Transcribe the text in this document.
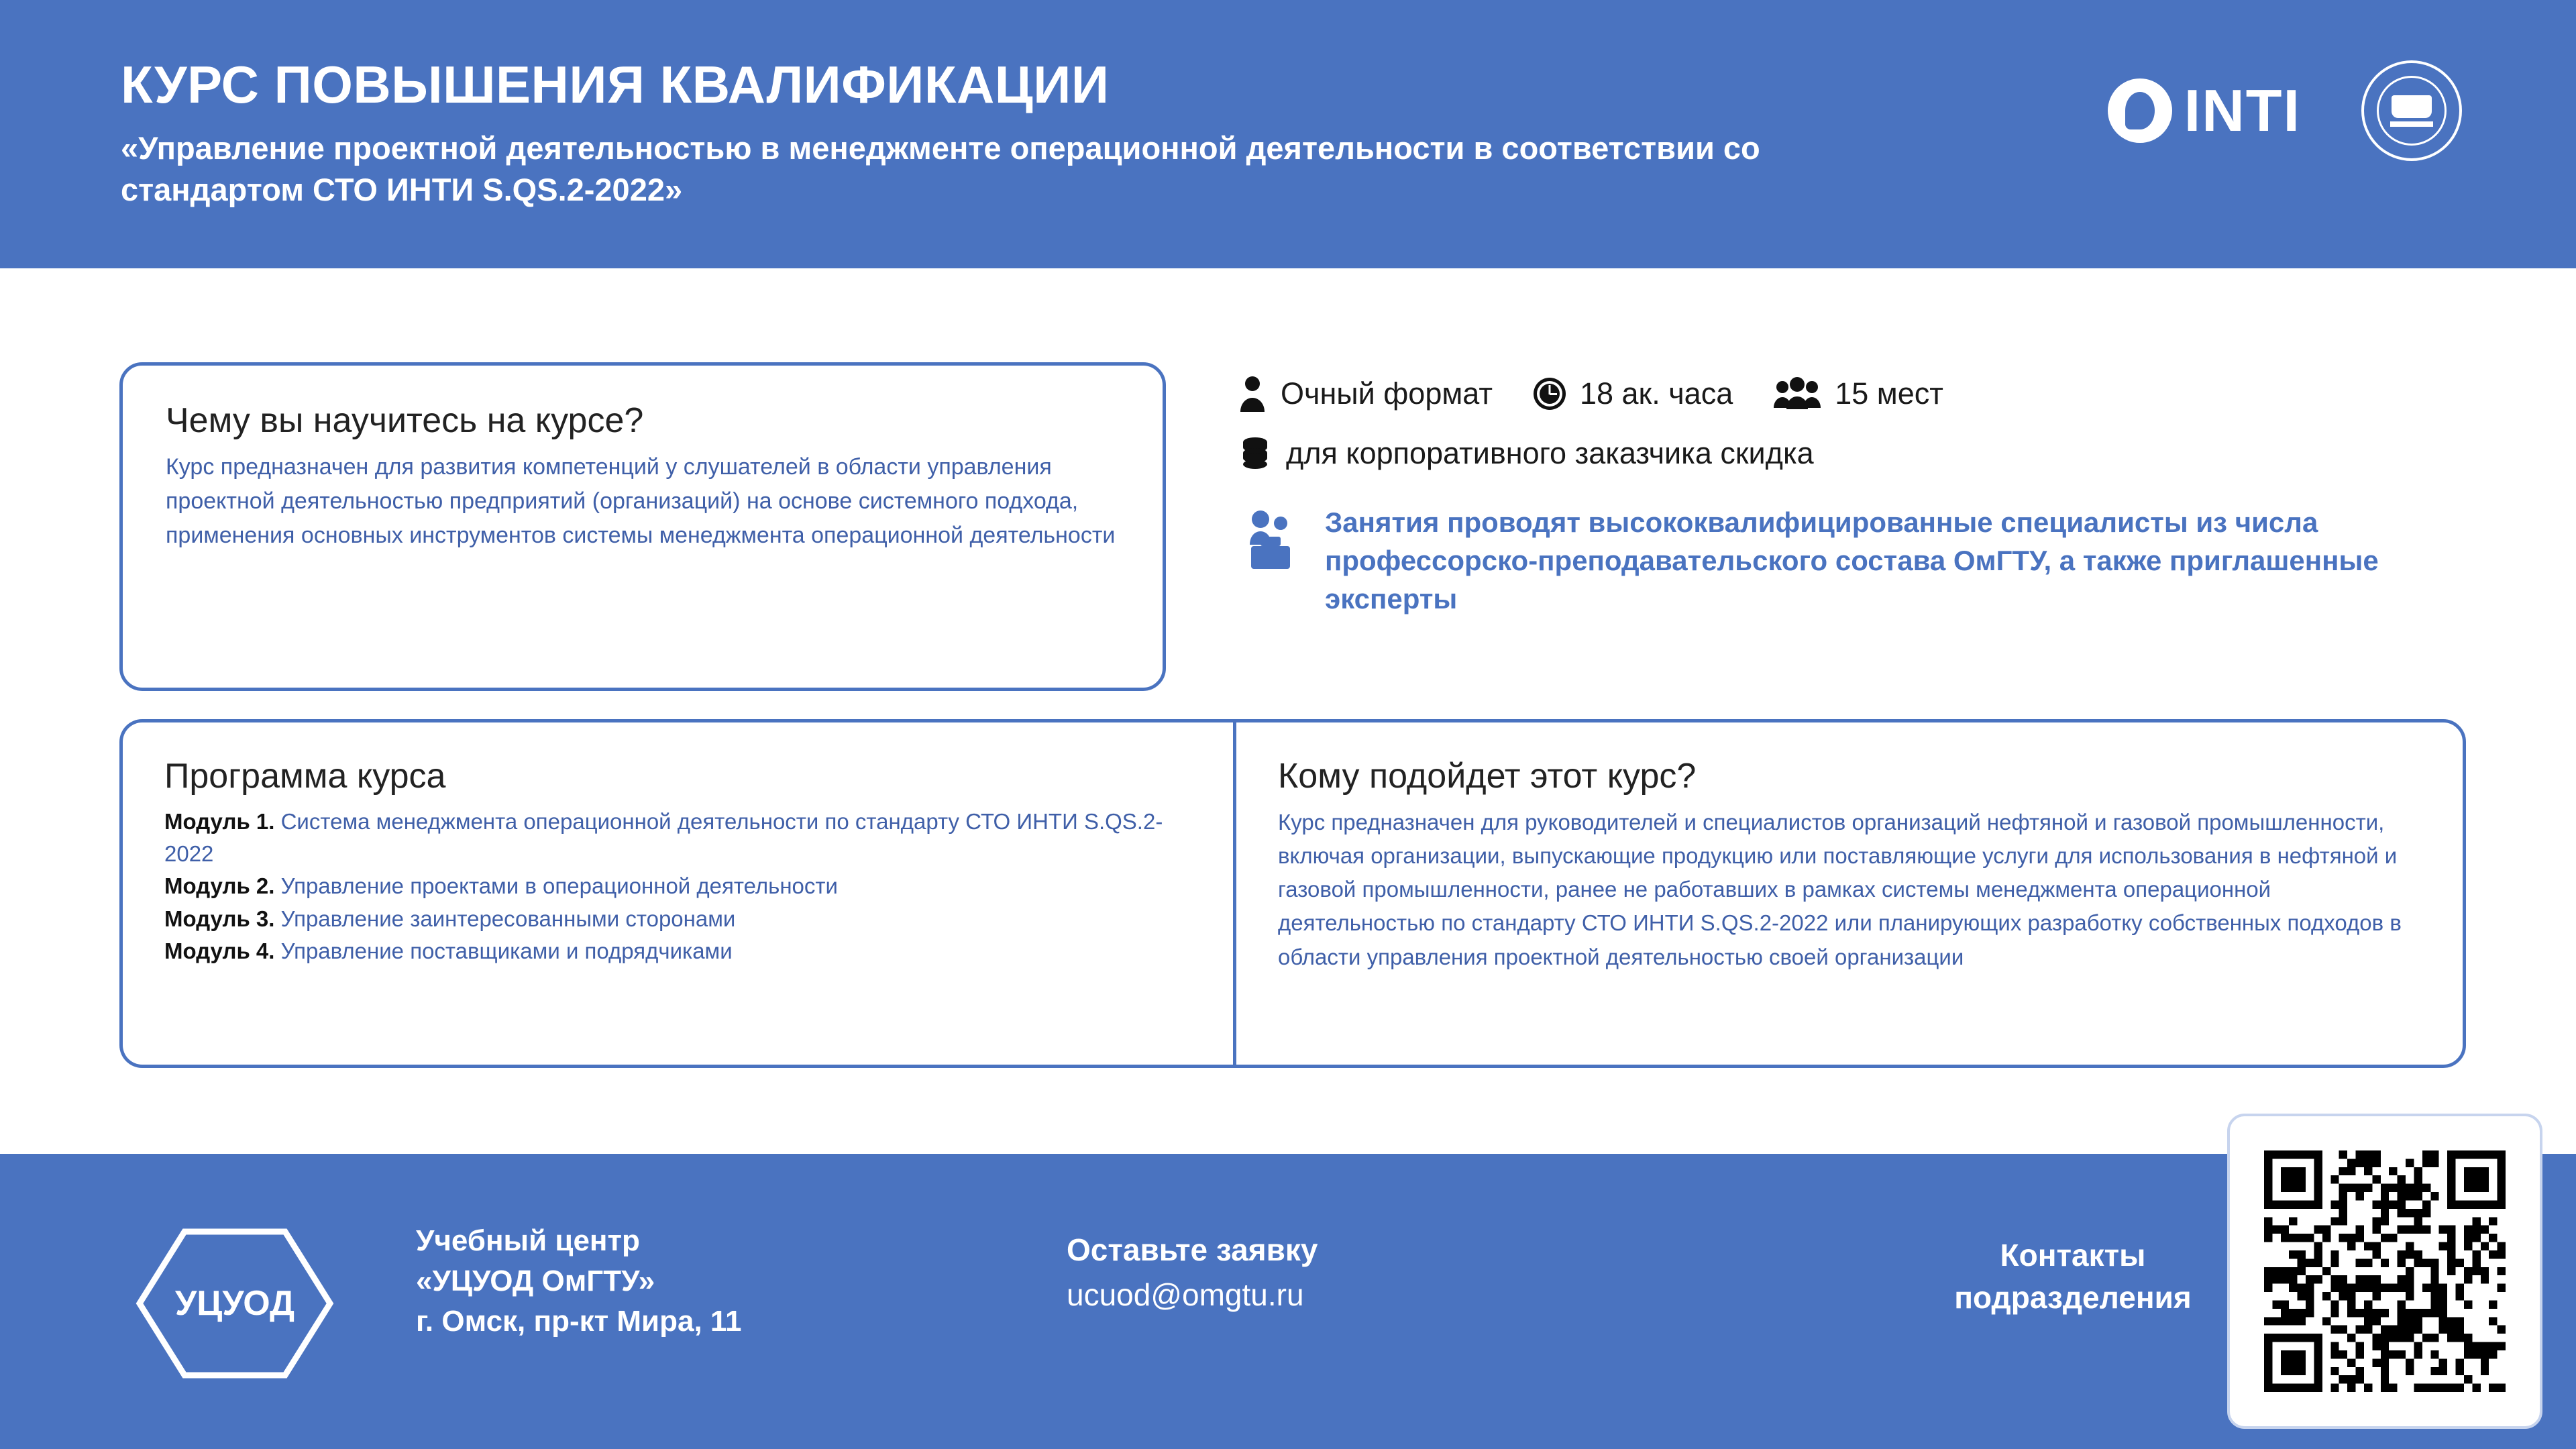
КУРС ПОВЫШЕНИЯ КВАЛИФИКАЦИИ
«Управление проектной деятельностью в менеджменте операционной деятельности в соответствии со стандартом СТО ИНТИ S.QS.2-2022»
INTI
Чему вы научитесь на курсе?
Курс предназначен для развития компетенций у слушателей в области управления проектной деятельностью предприятий (организаций) на основе системного подхода, применения основных инструментов системы менеджмента операционной деятельности
Очный формат	18 ак. часа	15 мест
для корпоративного заказчика скидка
Занятия проводят высококвалифицированные специалисты из числа профессорско-преподавательского состава ОмГТУ, а также приглашенные эксперты
Программа курса
Модуль 1. Система менеджмента операционной деятельности по стандарту СТО ИНТИ S.QS.2-2022
Модуль 2. Управление проектами в операционной деятельности
Модуль 3. Управление заинтересованными сторонами
Модуль 4. Управление поставщиками и подрядчиками
Кому подойдет этот курс?
Курс предназначен для руководителей и специалистов организаций нефтяной и газовой промышленности, включая организации, выпускающие продукцию или поставляющие услуги для использования в нефтяной и газовой промышленности, ранее не работавших в рамках системы менеджмента операционной деятельностью по стандарту СТО ИНТИ S.QS.2-2022 или планирующих разработку собственных подходов в области управления проектной деятельностью своей организации
УЦУОД
Учебный центр
«УЦУОД ОмГТУ»
г. Омск, пр-кт Мира, 11
Оставьте заявку
ucuod@omgtu.ru
Контакты
подразделения
